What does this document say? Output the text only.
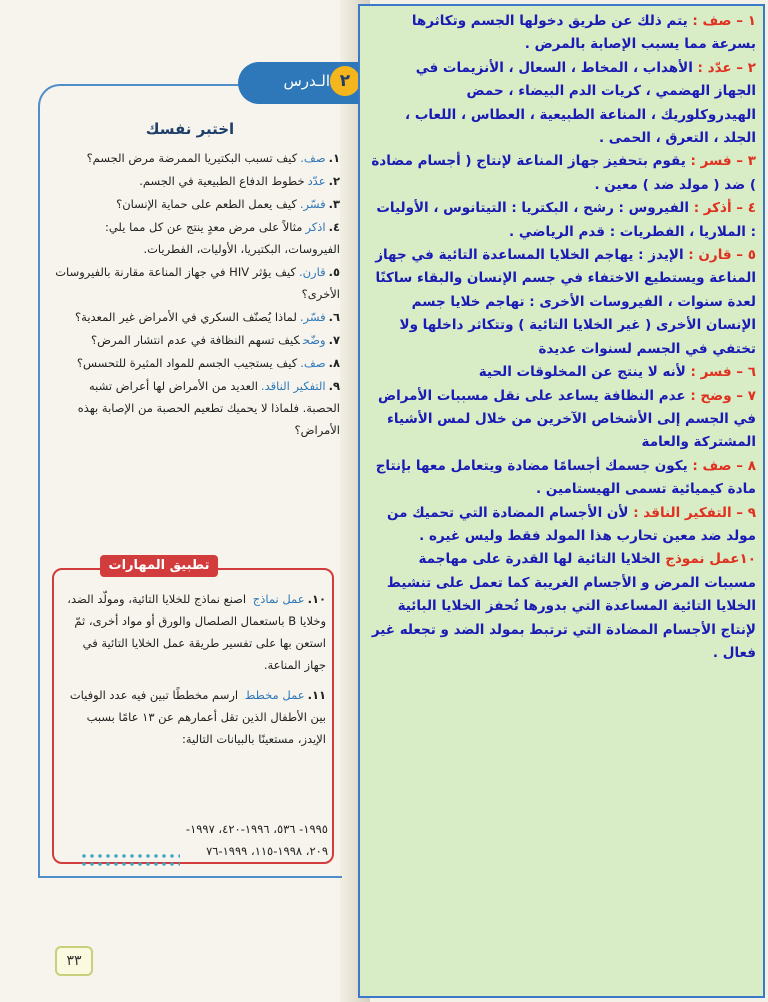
الـدرس ٢
اختبر نفسك
١.صف.كيف تسبب البكتيريا الممرضة مرض الجسم؟
٢.عدّدخطوط الدفاع الطبيعية في الجسم.
٣.فسّر.كيف يعمل الطعم على حماية الإنسان؟
٤.اذكرمثالاً على مرض معدٍ ينتج عن كل مما يلي: الفيروسات، البكتيريا، الأوليات، الفطريات.
٥.قارن.كيف يؤثر HIV في جهاز المناعة مقارنة بالفيروسات الأخرى؟
٦.فسّر.لماذا يُصنّف السكري في الأمراض غير المعدية؟
٧.وضّحكيف تسهم النظافة في عدم انتشار المرض؟
٨.صف.كيف يستجيب الجسم للمواد المثيرة للتحسس؟
٩.التفكير الناقد.العديد من الأمراض لها أعراض تشبه الحصبة. فلماذا لا يحميك تطعيم الحصبة من الإصابة بهذه الأمراض؟
تطبيق المهارات
١٠.عمل نماذج اصنع نماذج للخلايا التائية، ومولّد الضد، وخلايا B باستعمال الصلصال والورق أو مواد أخرى، ثمّ استعن بها على تفسير طريقة عمل الخلايا التائية في جهاز المناعة.
١١.عمل مخطط ارسم مخططًا تبين فيه عدد الوفيات بين الأطفال الذين تقل أعمارهم عن ١٣ عامًا بسبب الإيدز، مستعينًا بالبيانات التالية:
١٩٩٥- ٥٣٦، ١٩٩٦-٤٢٠، ١٩٩٧-
٢٠٩، ١٩٩٨-١١٥، ١٩٩٩-٧٦
٣٣

١ – صف : يتم ذلك عن طريق دخولها الجسم وتكاثرها بسرعة مما يسبب الإصابة بالمرض .

٢ – عدّد : الأهداب ، المخاط ، السعال ، الأنزيمات في الجهاز الهضمي ، كريات الدم البيضاء ، حمض الهيدروكلوريك ، المناعة الطبيعية ، العطاس ، اللعاب ، الجلد ، التعرق ، الحمى .

٣ – فسر : يقوم بتحفيز جهاز المناعة لإنتاج ( أجسام مضادة ) ضد ( مولد ضد ) معين .

٤ – أذكر : الفيروس : رشح ، البكتريا : التيتانوس ، الأوليات : الملاريا ، الفطريات : قدم الرياضي .

٥ – قارن : الإيدز : يهاجم الخلايا المساعدة التائية في جهاز المناعة ويستطيع الاختفاء في جسم الإنسان والبقاء ساكنًا لعدة سنوات ، الفيروسات الأخرى : تهاجم خلايا جسم الإنسان الأخرى ( غير الخلايا التائية ) وتتكاثر داخلها ولا تختفي في الجسم لسنوات عديدة

٦ – فسر : لأنه لا ينتج عن المخلوقات الحية

٧ – وضح : عدم النظافة يساعد على نقل مسببات الأمراض في الجسم إلى الأشخاص الآخرين من خلال لمس الأشياء المشتركة والعامة

٨ – صف : يكون جسمك أجسامًا مضادة ويتعامل معها بإنتاج مادة كيميائية تسمى الهيستامين .

٩ – التفكير الناقد : لأن الأجسام المضادة التي تحميك من مولد ضد معين تحارب هذا المولد فقط وليس غيره .

١٠عمل نموذج الخلايا التائية لها القدرة على مهاجمة مسببات المرض و الأجسام الغريبة كما تعمل على تنشيط الخلايا التائية المساعدة التي بدورها تُحفز الخلايا البائية لإنتاج الأجسام المضادة التي ترتبط بمولد الضد و تجعله غير فعال .
